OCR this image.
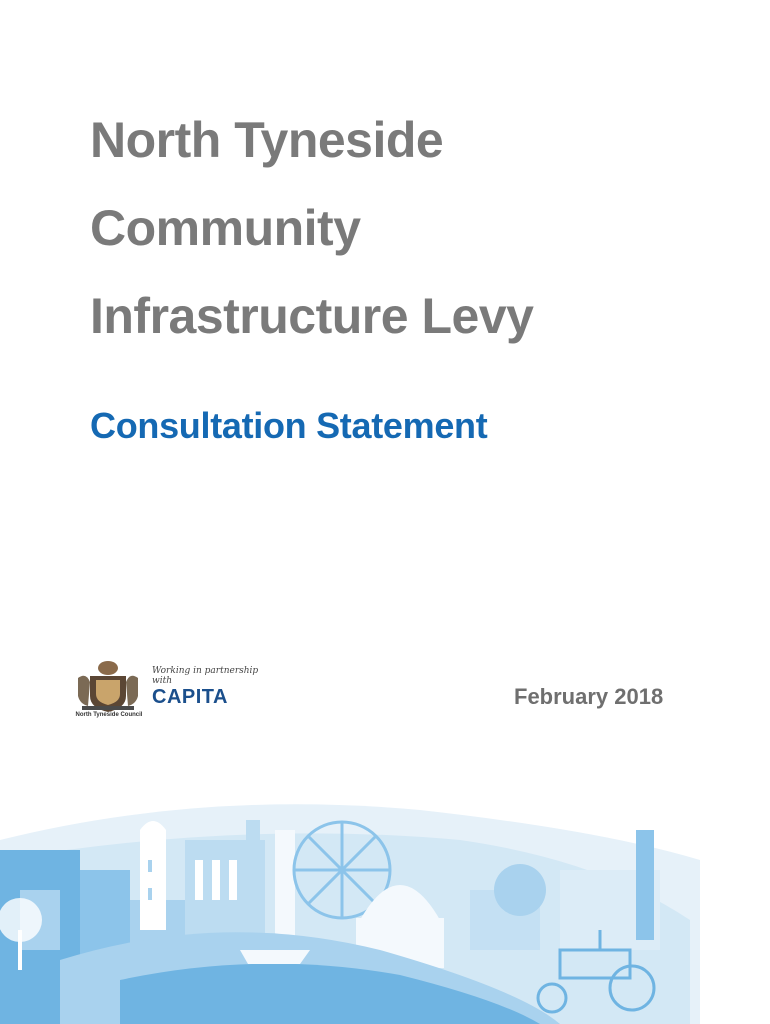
North Tyneside
Community
Infrastructure Levy
Consultation Statement
North Tyneside Council
Working in partnership with
CAPITA	February 2018
